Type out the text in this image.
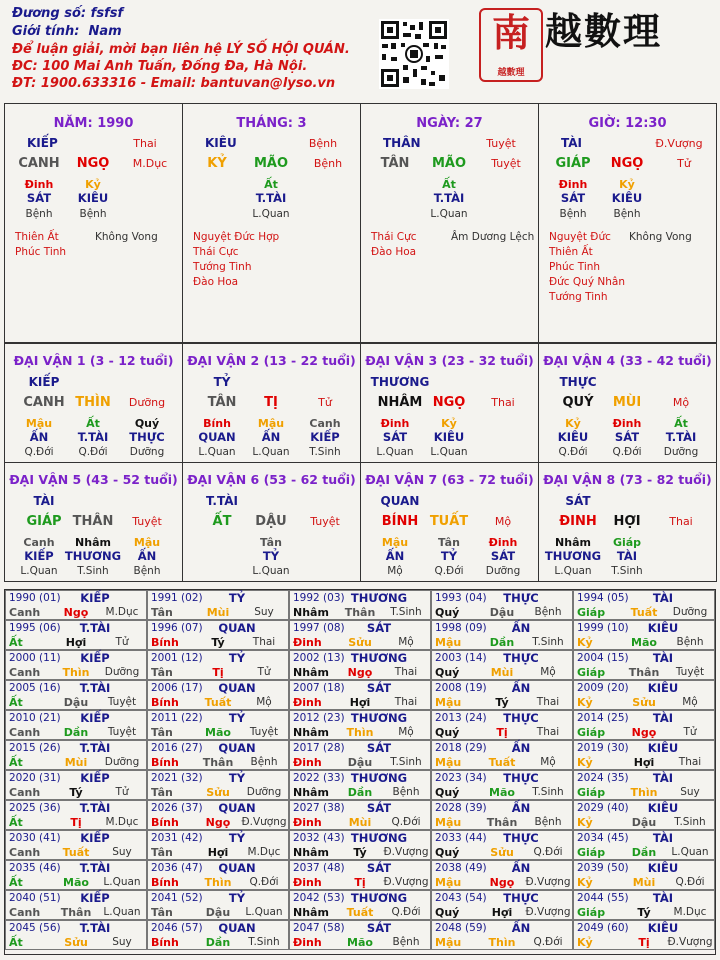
Đương số: fsfsf
Giới tính: Nam
Để luận giải, mời bạn liên hệ LÝ SỐ HỘI QUÁN.
ĐC: 100 Mai Anh Tuấn, Đống Đa, Hà Nội.
ĐT: 1900.633316 - Email: bantuvan@lyso.vn
南
越數理
越數理
NĂM: 1990
KIẾP	Thai
CANH	NGỌ	M.Dục
Đinh
SÁT
Bệnh
Kỷ
KIÊU
Bệnh
Thiên Ất
Phúc Tinh
Không Vong
THÁNG: 3
KIÊU	Bệnh
KỶ	MÃO	Bệnh
Ất
T.TÀI
L.Quan
Nguyệt Đức Hợp
Thái Cực
Tướng Tinh
Đào Hoa
NGÀY: 27
THÂN	Tuyệt
TÂN	MÃO	Tuyệt
Ất
T.TÀI
L.Quan
Thái Cực
Đào Hoa
Âm Dương Lệch
GIỜ: 12:30
TÀI	Đ.Vượng
GIÁP	NGỌ	Tử
Đinh
SÁT
Bệnh
Kỷ
KIÊU
Bệnh
Nguyệt Đức
Thiên Ất
Phúc Tinh
Đức Quý Nhân
Tướng Tinh
Không Vong
ĐẠI VẬN 1 (3 - 12 tuổi)
KIẾP
CANH THÌN	Dưỡng
Mậu
ẤN
Q.Đới
Ất
T.TÀI
Q.Đới
Quý
THỰC
Dưỡng
ĐẠI VẬN 2 (13 - 22 tuổi)
TỶ
TÂN	TỊ	Tử
Bính
QUAN
L.Quan
Mậu
ẤN
L.Quan
Canh
KIẾP
T.Sinh
ĐẠI VẬN 3 (23 - 32 tuổi)
THƯƠNG
NHÂM NGỌ	Thai
Đinh
SÁT
L.Quan
Kỷ
KIÊU
L.Quan
ĐẠI VẬN 4 (33 - 42 tuổi)
THỰC
QUÝ	MÙI	Mộ
Kỷ
KIÊU
Q.Đới
Đinh
SÁT
Q.Đới
Ất
T.TÀI
Dưỡng
ĐẠI VẬN 5 (43 - 52 tuổi)
TÀI
GIÁP THÂN	Tuyệt
Canh
KIẾP
L.Quan
Nhâm
THƯƠNG
T.Sinh
Mậu
ẤN
Bệnh
ĐẠI VẬN 6 (53 - 62 tuổi)
T.TÀI
ẤT	DẬU	Tuyệt
Tân
TỶ
L.Quan
ĐẠI VẬN 7 (63 - 72 tuổi)
QUAN
BÍNH TUẤT	Mộ
Mậu
ẤN
Mộ
Tân
TỶ
Q.Đới
Đinh
SÁT
Dưỡng
ĐẠI VẬN 8 (73 - 82 tuổi)
SÁT
ĐINH	HỢI	Thai
Nhâm
THƯƠNG
L.Quan
Giáp
TÀI
T.Sinh
1990 (01)	KIẾP
Canh	Ngọ	M.Dục
1991 (02)	TỶ
Tân	Mùi	Suy
1992 (03) THƯƠNG
Nhâm	Thân	T.Sinh
1993 (04)	THỰC
Quý	Dậu	Bệnh
1994 (05)	TÀI
Giáp	Tuất	Dưỡng
1995 (06)	T.TÀI
Ất	Hợi	Tử
1996 (07)	QUAN
Bính	Tý	Thai
1997 (08)	SÁT
Đinh	Sửu	Mộ
1998 (09)	ẤN
Mậu	Dần	T.Sinh
1999 (10)	KIÊU
Kỷ	Mão	Bệnh
2000 (11)	KIẾP
Canh	Thìn	Dưỡng
2001 (12)	TỶ
Tân	Tị	Tử
2002 (13) THƯƠNG
Nhâm	Ngọ	Thai
2003 (14)	THỰC
Quý	Mùi	Mộ
2004 (15)	TÀI
Giáp	Thân	Tuyệt
2005 (16)	T.TÀI
Ất	Dậu	Tuyệt
2006 (17)	QUAN
Bính	Tuất	Mộ
2007 (18)	SÁT
Đinh	Hợi	Thai
2008 (19)	ẤN
Mậu	Tý	Thai
2009 (20)	KIÊU
Kỷ	Sửu	Mộ
2010 (21)	KIẾP
Canh	Dần	Tuyệt
2011 (22)	TỶ
Tân	Mão	Tuyệt
2012 (23) THƯƠNG
Nhâm	Thìn	Mộ
2013 (24)	THỰC
Quý	Tị	Thai
2014 (25)	TÀI
Giáp	Ngọ	Tử
2015 (26)	T.TÀI
Ất	Mùi	Dưỡng
2016 (27)	QUAN
Bính	Thân	Bệnh
2017 (28)	SÁT
Đinh	Dậu	T.Sinh
2018 (29)	ẤN
Mậu	Tuất	Mộ
2019 (30)	KIÊU
Kỷ	Hợi	Thai
2020 (31)	KIẾP
Canh	Tý	Tử
2021 (32)	TỶ
Tân	Sửu	Dưỡng
2022 (33) THƯƠNG
Nhâm	Dần	Bệnh
2023 (34)	THỰC
Quý	Mão	T.Sinh
2024 (35)	TÀI
Giáp	Thìn	Suy
2025 (36)	T.TÀI
Ất	Tị	M.Dục
2026 (37)	QUAN
Bính	Ngọ	Đ.Vượng
2027 (38)	SÁT
Đinh	Mùi	Q.Đới
2028 (39)	ẤN
Mậu	Thân	Bệnh
2029 (40)	KIÊU
Kỷ	Dậu	T.Sinh
2030 (41)	KIẾP
Canh	Tuất	Suy
2031 (42)	TỶ
Tân	Hợi	M.Dục
2032 (43) THƯƠNG
Nhâm	Tý	Đ.Vượng
2033 (44)	THỰC
Quý	Sửu	Q.Đới
2034 (45)	TÀI
Giáp	Dần	L.Quan
2035 (46)	T.TÀI
Ất	Mão	L.Quan
2036 (47)	QUAN
Bính	Thìn	Q.Đới
2037 (48)	SÁT
Đinh	Tị	Đ.Vượng
2038 (49)	ẤN
Mậu	Ngọ	Đ.Vượng
2039 (50)	KIÊU
Kỷ	Mùi	Q.Đới
2040 (51)	KIẾP
Canh	Thân	L.Quan
2041 (52)	TỶ
Tân	Dậu	L.Quan
2042 (53) THƯƠNG
Nhâm	Tuất	Q.Đới
2043 (54)	THỰC
Quý	Hợi	Đ.Vượng
2044 (55)	TÀI
Giáp	Tý	M.Dục
2045 (56)	T.TÀI
Ất	Sửu	Suy
2046 (57)	QUAN
Bính	Dần	T.Sinh
2047 (58)	SÁT
Đinh	Mão	Bệnh
2048 (59)	ẤN
Mậu	Thìn	Q.Đới
2049 (60)	KIÊU
Kỷ	Tị	Đ.Vượng
